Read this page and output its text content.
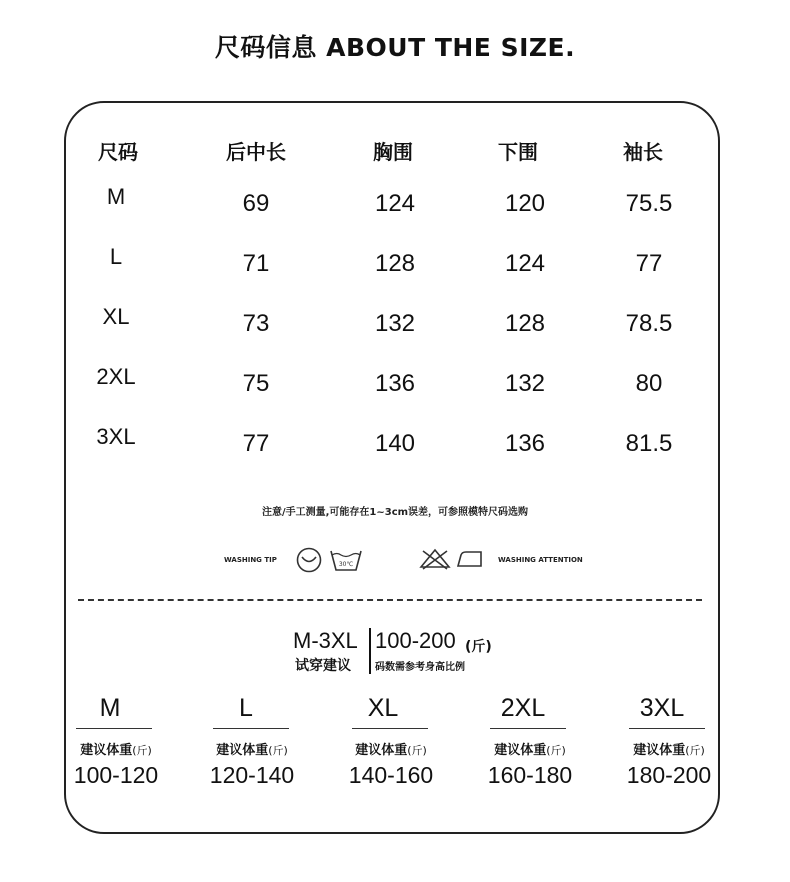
尺码信息 ABOUT THE SIZE.
尺码	后中长	胸围	下围	袖长
M	69	124	120	75.5
L	71	128	124	77
XL	73	132	128	78.5
2XL	75	136	132	80
3XL	77	140	136	81.5
注意/手工测量,可能存在1~3cm误差，可参照模特尺码选购
WASHING TIP
30℃
WASHING ATTENTION
M-3XL 100-200 (斤)
试穿建议 码数需参考身高比例
M
建议体重(斤)
100-120
L
建议体重(斤)
120-140
XL
建议体重(斤)
140-160
2XL
建议体重(斤)
160-180
3XL
建议体重(斤)
180-200
